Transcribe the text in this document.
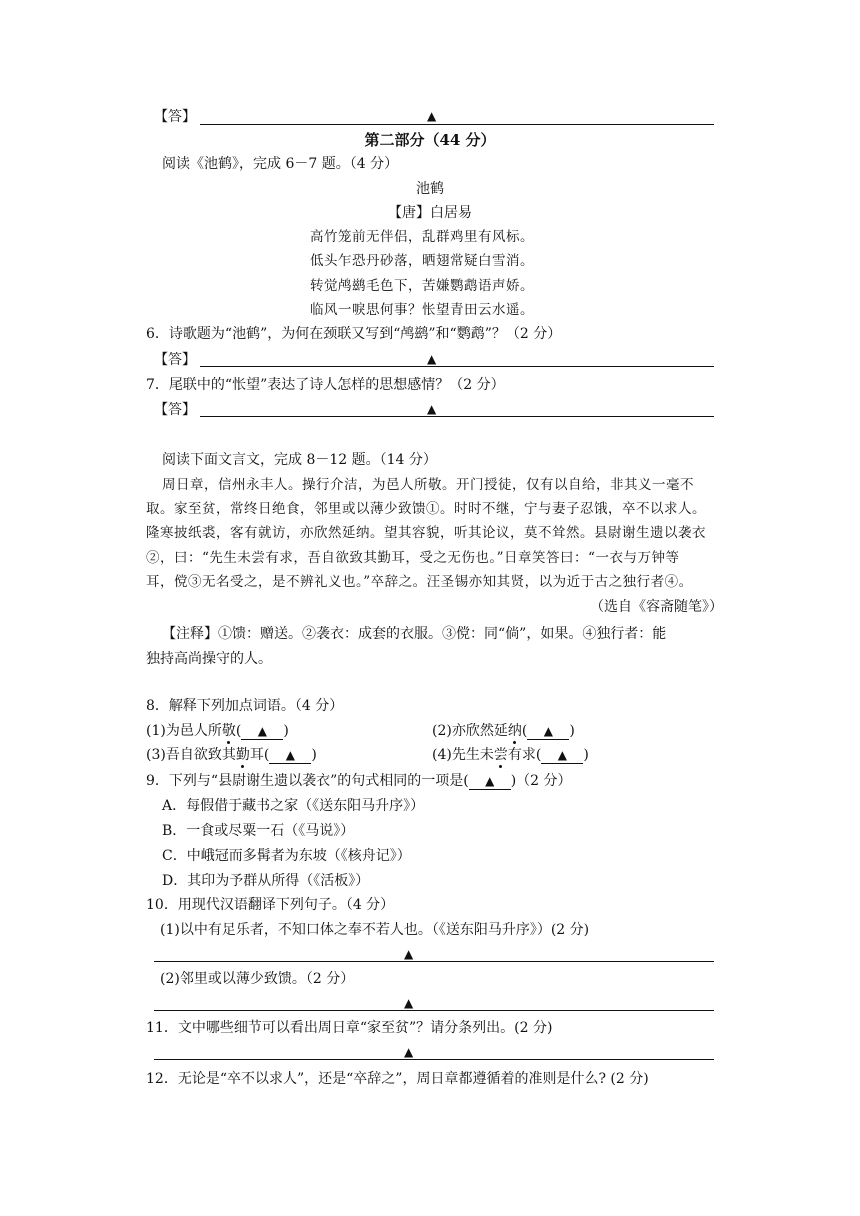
【答】	▲
第二部分（44 分）
阅读《池鹤》，完成 6－7 题。（4 分）
池鹤
【唐】白居易
高竹笼前无伴侣，乱群鸡里有风标。
低头乍恐丹砂落，晒翅常疑白雪消。
转觉鸬鹚毛色下，苦嫌鹦鹉语声娇。
临风一唳思何事？怅望青田云水遥。
6．诗歌题为“池鹤”，为何在颈联又写到“鸬鹚”和“鹦鹉”？（2 分）
【答】	▲
7．尾联中的“怅望”表达了诗人怎样的思想感情？（2 分）
【答】	▲
阅读下面文言文，完成 8－12 题。（14 分）
周日章，信州永丰人。操行介洁，为邑人所敬。开门授徒，仅有以自给，非其义一毫不
取。家至贫，常终日绝食，邻里或以薄少致馈①。时时不继，宁与妻子忍饿，卒不以求人。
隆寒披纸裘，客有就访，亦欣然延纳。望其容貌，听其论议，莫不耸然。县尉谢生遗以袭衣
②，曰：“先生未尝有求，吾自欲致其勤耳，受之无伤也。”日章笑答曰：“一衣与万钟等
耳，傥③无名受之，是不辨礼义也。”卒辞之。汪圣锡亦知其贤，以为近于古之独行者④。
（选自《容斋随笔》）
【注释】①馈：赠送。②袭衣：成套的衣服。③傥：同“倘”，如果。④独行者：能
独持高尚操守的人。
8．解释下列加点词语。（4 分）
(1)为邑人所敬( ▲ )	(2)亦欣然延纳( ▲ )
(3)吾自欲致其勤耳( ▲ )	(4)先生未尝有求( ▲ )
9．下列与“县尉谢生遗以袭衣”的句式相同的一项是( ▲ )（2 分）
A．每假借于藏书之家（《送东阳马升序》）
B．一食或尽粟一石（《马说》）
C．中峨冠而多髯者为东坡（《核舟记》）
D．其印为予群从所得（《活板》）
10．用现代汉语翻译下列句子。（4 分）
(1)以中有足乐者，不知口体之奉不若人也。（《送东阳马升序》）(2 分)
▲
(2)邻里或以薄少致馈。（2 分）
▲
11．文中哪些细节可以看出周日章“家至贫”？请分条列出。(2 分)
▲
12．无论是“卒不以求人”，还是“卒辞之”，周日章都遵循着的准则是什么? (2 分)
